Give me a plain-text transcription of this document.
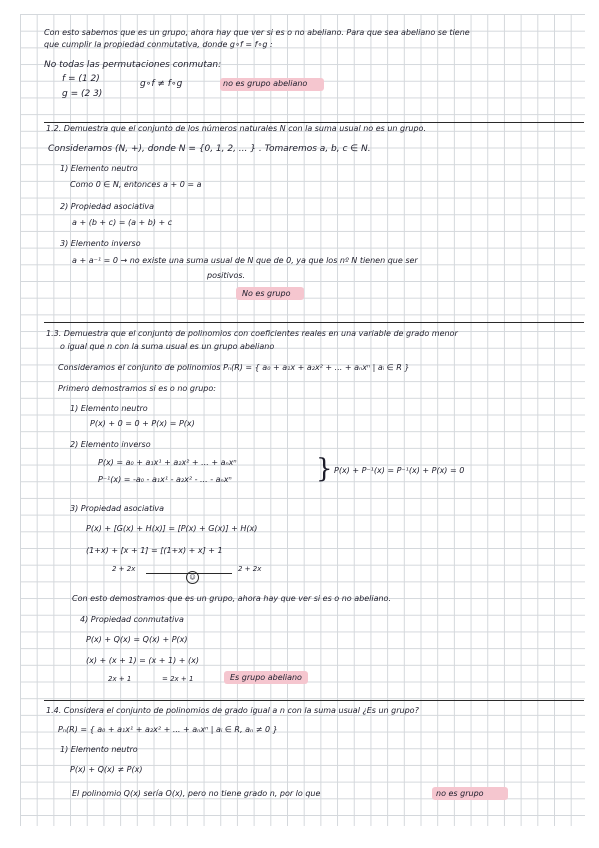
Con esto sabemos que es un grupo, ahora hay que ver si es o no abeliano. Para que sea abeliano se tiene
que cumplir la propiedad conmutativa, donde g∘f = f∘g :
No todas las permutaciones conmutan:
f = (1 2)
g = (2 3)
g∘f ≠ f∘g	no es grupo abeliano
1.2. Demuestra que el conjunto de los números naturales N con la suma usual no es un grupo.
Consideramos (N, +), donde N = {0, 1, 2, ... } . Tomaremos a, b, c ∈ N.
1) Elemento neutro
Como 0 ∈ N, entonces a + 0 = a
2) Propiedad asociativa
a + (b + c) = (a + b) + c
3) Elemento inverso
a + a⁻¹ = 0 → no existe una suma usual de N que de 0, ya que los nº N tienen que ser
positivos.
No es grupo
1.3. Demuestra que el conjunto de polinomios con coeficientes reales en una variable de grado menor
o igual que n con la suma usual es un grupo abeliano
Consideramos el conjunto de polinomios Pₙ(R) = { a₀ + a₁x + a₂x² + ... + aₙxⁿ | aᵢ ∈ R }
Primero demostramos si es o no grupo:
1) Elemento neutro
P(x) + 0 = 0 + P(x) = P(x)
2) Elemento inverso
P(x) = a₀ + a₁x¹ + a₂x² + ... + aₙxⁿ
P⁻¹(x) = -a₀ - a₁x¹ - a₂x² - ... - aₙxⁿ	} P(x) + P⁻¹(x) = P⁻¹(x) + P(x) = 0
3) Propiedad asociativa
P(x) + [G(x) + H(x)] = [P(x) + G(x)] + H(x)
(1+x) + [x + 1] = [(1+x) + x] + 1
2 + 2x	2 + 2x
☺
Con esto demostramos que es un grupo, ahora hay que ver si es o no abeliano.
4) Propiedad conmutativa
P(x) + Q(x) = Q(x) + P(x)
(x) + (x + 1) = (x + 1) + (x)
2x + 1	= 2x + 1	Es grupo abeliano
1.4. Considera el conjunto de polinomios de grado igual a n con la suma usual ¿Es un grupo?
Pₙ(R) = { a₀ + a₁x¹ + a₂x² + ... + aₙxⁿ | aᵢ ∈ R, aₙ ≠ 0 }
1) Elemento neutro
P(x) + Q(x) ≠ P(x)
El polinomio Q(x) sería O(x), pero no tiene grado n, por lo que	no es grupo
